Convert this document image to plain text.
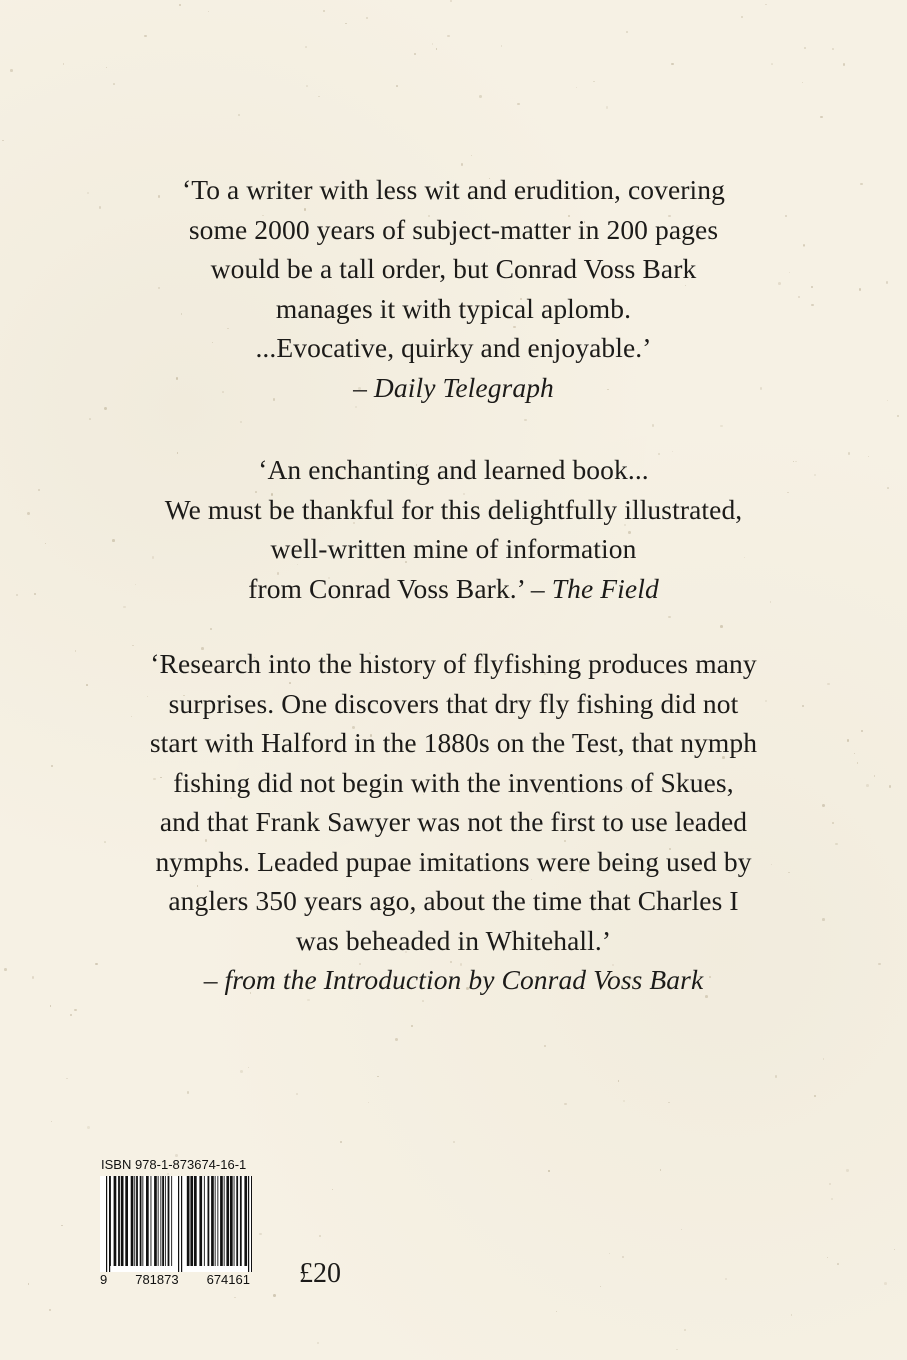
‘To a writer with less wit and erudition, covering
some 2000 years of subject-matter in 200 pages
would be a tall order, but Conrad Voss Bark
manages it with typical aplomb.
...Evocative, quirky and enjoyable.’
– Daily Telegraph
‘An enchanting and learned book...
We must be thankful for this delightfully illustrated,
well-written mine of information
from Conrad Voss Bark.’ – The Field
‘Research into the history of flyfishing produces many
surprises. One discovers that dry fly fishing did not
start with Halford in the 1880s on the Test, that nymph
fishing did not begin with the inventions of Skues,
and that Frank Sawyer was not the first to use leaded
nymphs. Leaded pupae imitations were being used by
anglers 350 years ago, about the time that Charles I
was beheaded in Whitehall.’
– from the Introduction by Conrad Voss Bark
ISBN 978-1-873674-16-1
9 781873 674161 £20
